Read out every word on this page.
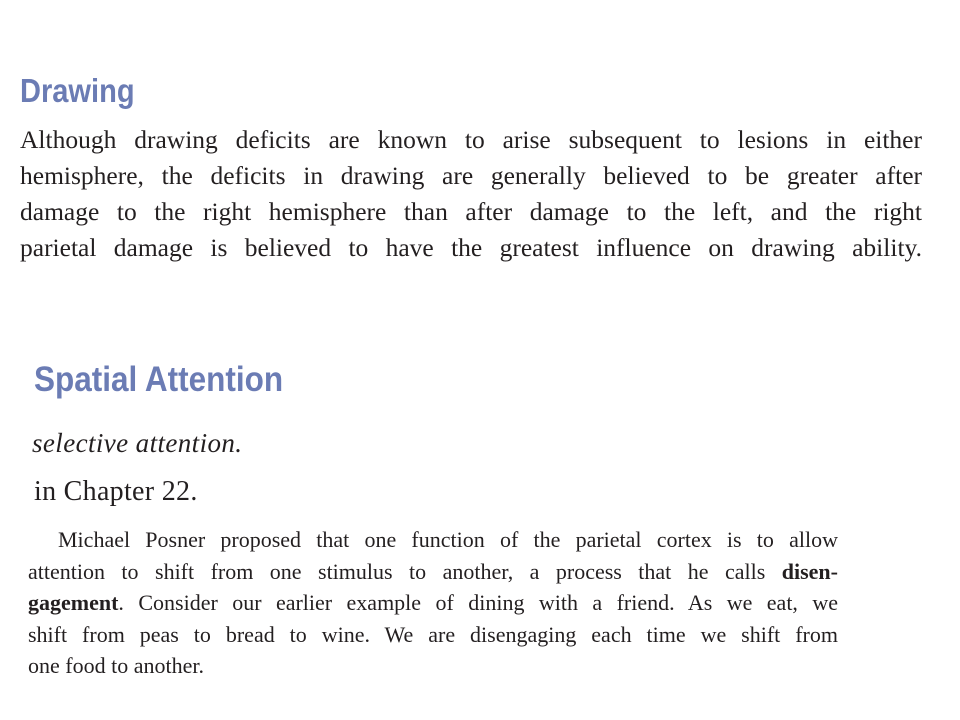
Drawing

Although drawing deficits are known to arise subsequent to lesions in either
hemisphere, the deficits in drawing are generally believed to be greater after
damage to the right hemisphere than after damage to the left, and the right
parietal damage is believed to have the greatest influence on drawing ability.

Spatial Attention

selective attention.

in Chapter 22.

Michael Posner proposed that one function of the parietal cortex is to allow
attention to shift from one stimulus to another, a process that he calls disen-
gagement. Consider our earlier example of dining with a friend. As we eat, we
shift from peas to bread to wine. We are disengaging each time we shift from
one food to another.
